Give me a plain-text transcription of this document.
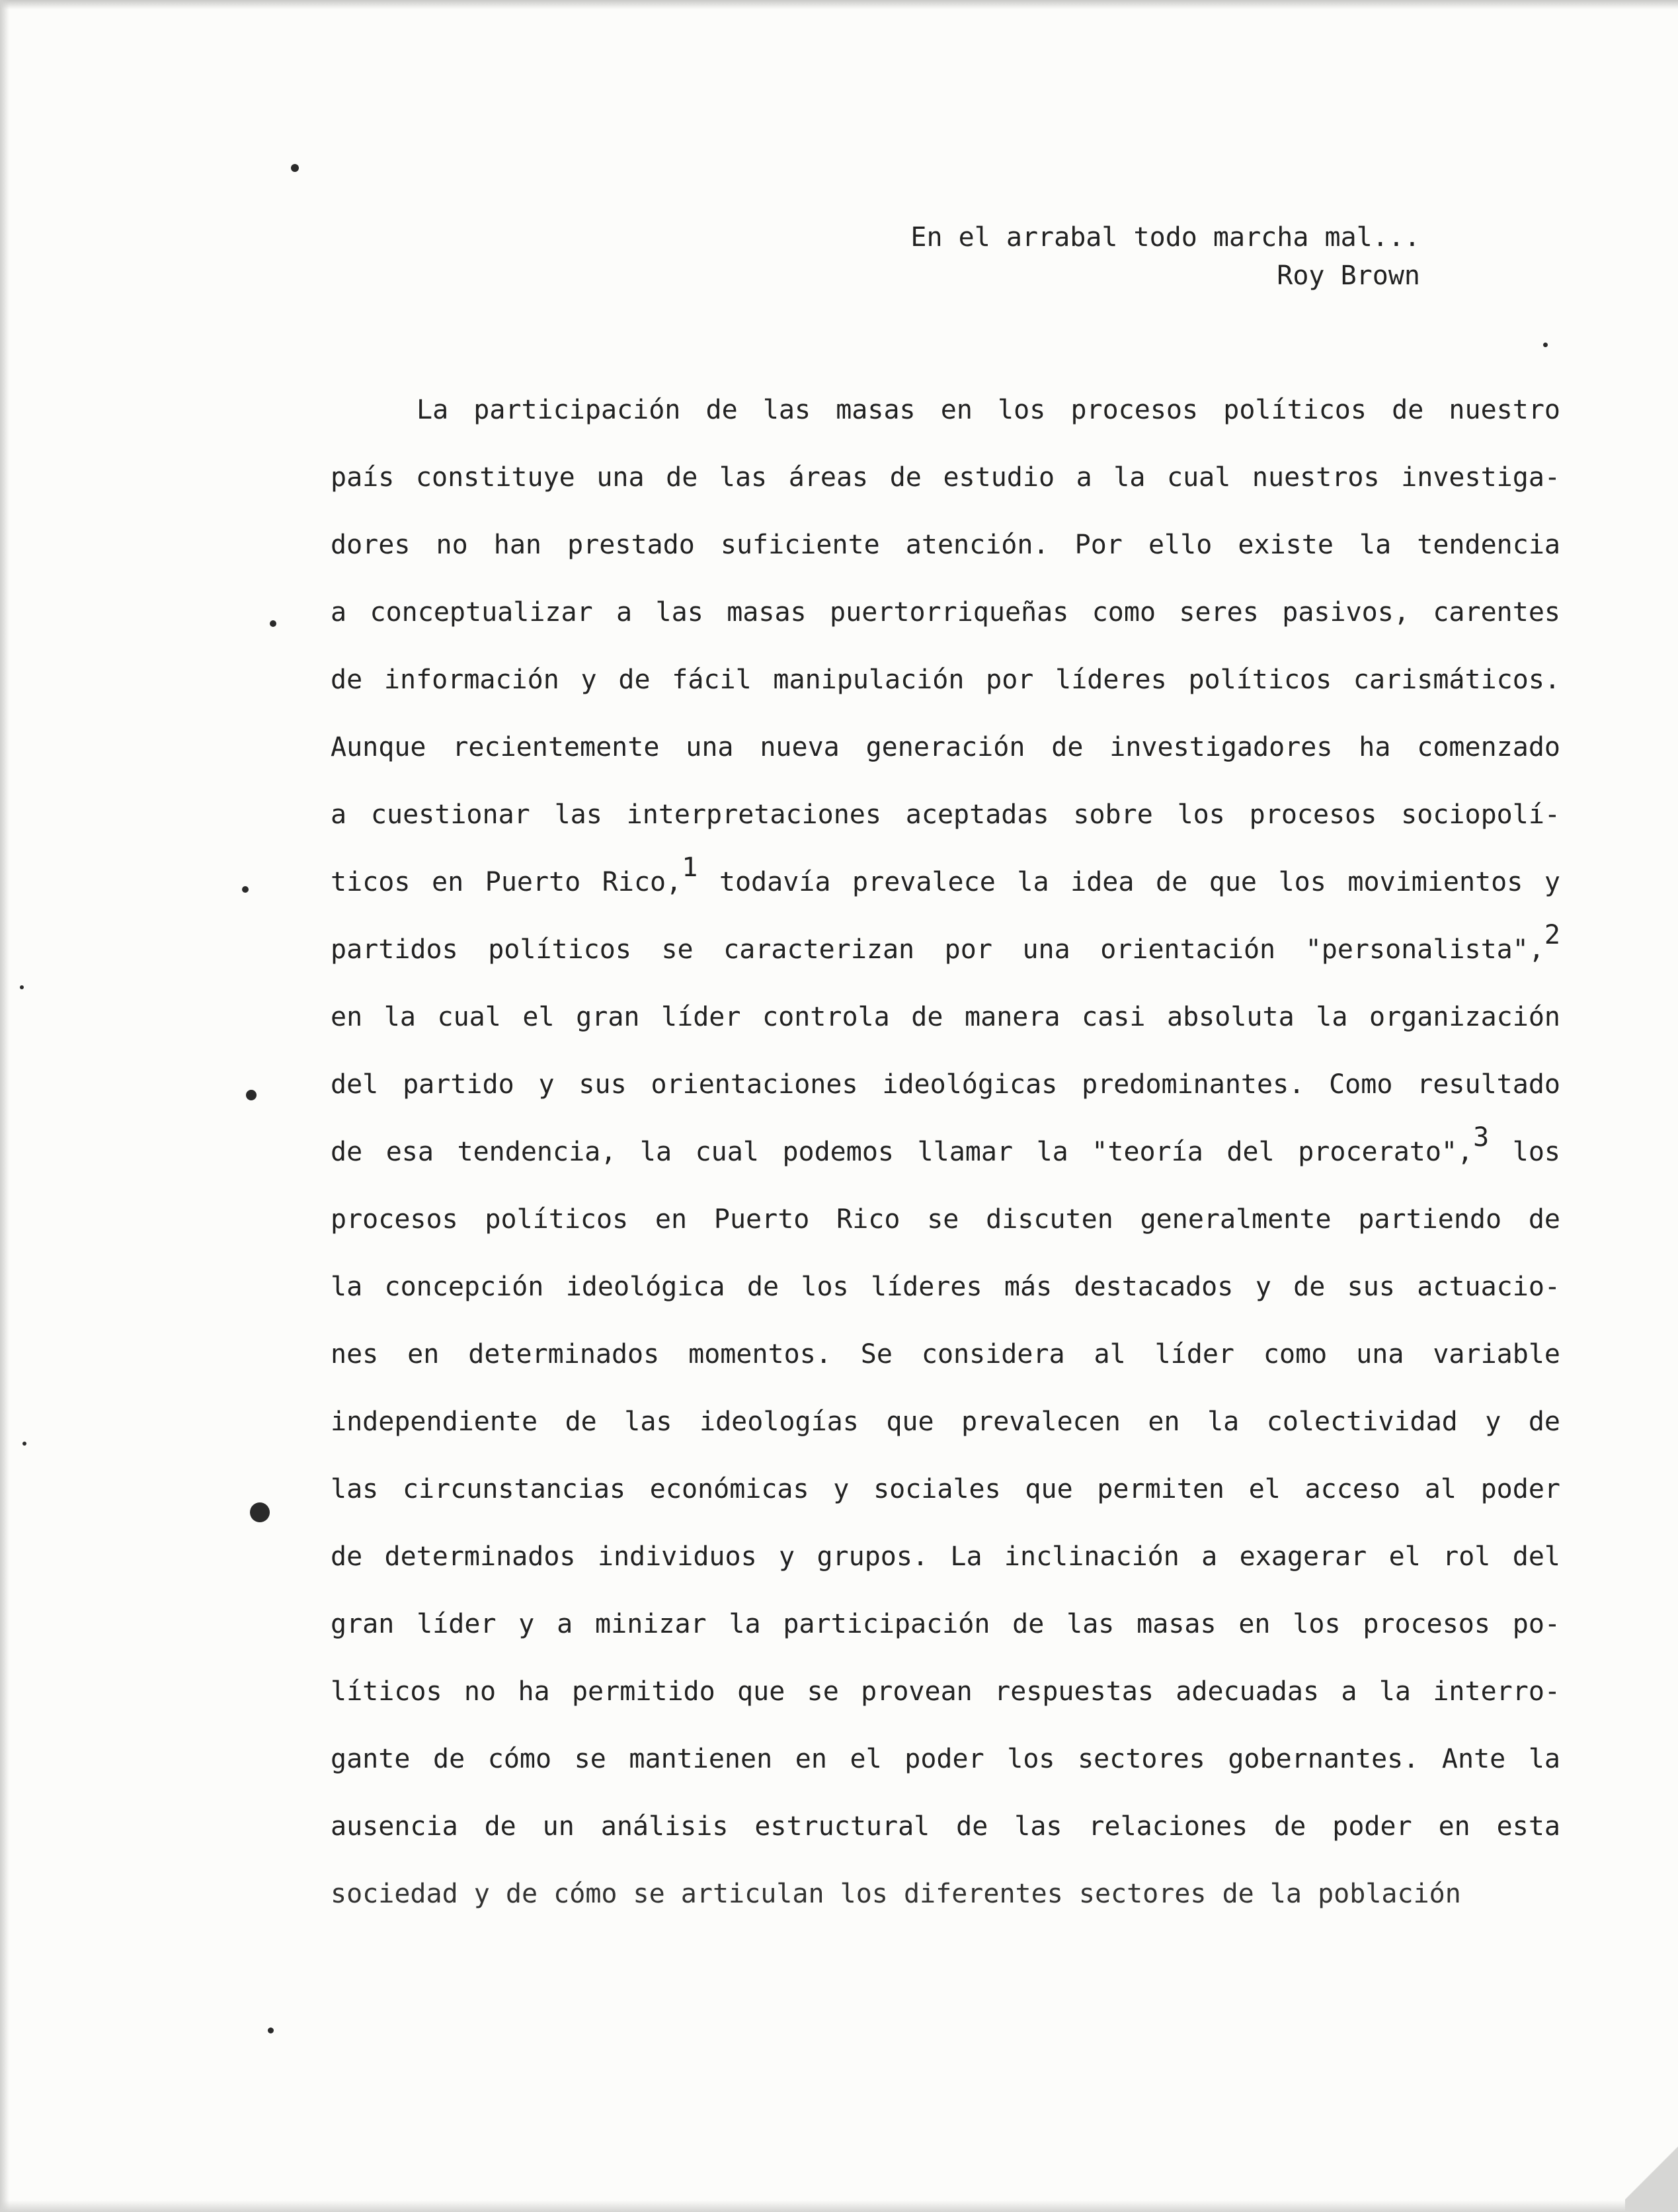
En el arrabal todo marcha mal...
Roy Brown
La participación de las masas en los procesos políticos de nuestro
país constituye una de las áreas de estudio a la cual nuestros investiga-
dores no han prestado suficiente atención. Por ello existe la tendencia
a conceptualizar a las masas puertorriqueñas como seres pasivos, carentes
de información y de fácil manipulación por líderes políticos carismáticos.
Aunque recientemente una nueva generación de investigadores ha comenzado
a cuestionar las interpretaciones aceptadas sobre los procesos sociopolí-
ticos en Puerto Rico,$^1$ todavía prevalece la idea de que los movimientos y
partidos políticos se caracterizan por una orientación "personalista",$^2$
en la cual el gran líder controla de manera casi absoluta la organización
del partido y sus orientaciones ideológicas predominantes. Como resultado
de esa tendencia, la cual podemos llamar la "teoría del procerato",$^3$ los
procesos políticos en Puerto Rico se discuten generalmente partiendo de
la concepción ideológica de los líderes más destacados y de sus actuacio-
nes en determinados momentos. Se considera al líder como una variable
independiente de las ideologías que prevalecen en la colectividad y de
las circunstancias económicas y sociales que permiten el acceso al poder
de determinados individuos y grupos. La inclinación a exagerar el rol del
gran líder y a minizar la participación de las masas en los procesos po-
líticos no ha permitido que se provean respuestas adecuadas a la interro-
gante de cómo se mantienen en el poder los sectores gobernantes. Ante la
ausencia de un análisis estructural de las relaciones de poder en esta
sociedad y de cómo se articulan los diferentes sectores de la población
